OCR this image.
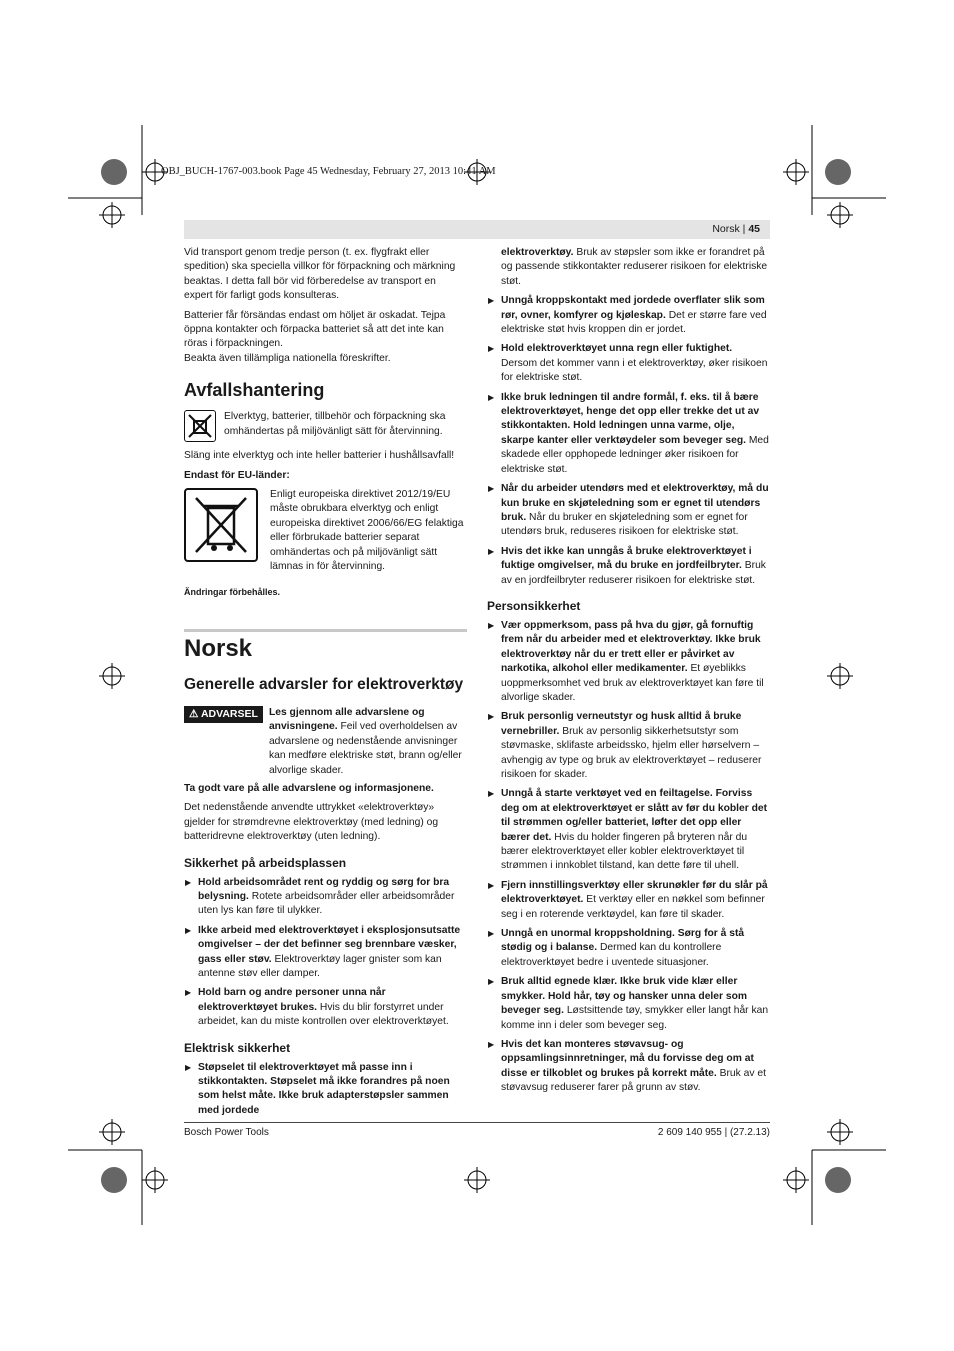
OBJ_BUCH-1767-003.book Page 45 Wednesday, February 27, 2013 10:41 AM
Norsk | 45

Vid transport genom tredje person (t. ex. flygfrakt eller spedition) ska speciella villkor för förpackning och märkning beaktas. I detta fall bör vid förberedelse av transport en expert för farligt gods konsulteras.

Batterier får försändas endast om höljet är oskadat. Tejpa öppna kontakter och förpacka batteriet så att det inte kan röras i förpackningen.

Beakta även tillämpliga nationella föreskrifter.

Avfallshantering
Elverktyg, batterier, tillbehör och förpackning ska omhändertas på miljövänligt sätt för återvinning.

Släng inte elverktyg och inte heller batterier i hushållsavfall!

Endast för EU-länder:

Enligt europeiska direktivet 2012/19/EU måste obrukbara elverktyg och enligt europeiska direktivet 2006/66/EG felaktiga eller förbrukade batterier separat omhändertas och på miljövänligt sätt lämnas in för återvinning.

Ändringar förbehålles.

Norsk
Generelle advarsler for elektroverktøy
⚠ ADVARSEL	Les gjennom alle advarslene og anvisningene. Feil ved overholdelsen av advarslene og nedenstående anvisninger kan medføre elektriske støt, brann og/eller alvorlige skader.

Ta godt vare på alle advarslene og informasjonene.

Det nedenstående anvendte uttrykket «elektroverktøy» gjelder for strømdrevne elektroverktøy (med ledning) og batteridrevne elektroverktøy (uten ledning).

Sikkerhet på arbeidsplassen
▶ Hold arbeidsområdet rent og ryddig og sørg for bra belysning. Rotete arbeidsområder eller arbeidsområder uten lys kan føre til ulykker.
▶ Ikke arbeid med elektroverktøyet i eksplosjonsutsatte omgivelser – der det befinner seg brennbare væsker, gass eller støv. Elektroverktøy lager gnister som kan antenne støv eller damper.
▶ Hold barn og andre personer unna når elektroverktøyet brukes. Hvis du blir forstyrret under arbeidet, kan du miste kontrollen over elektroverktøyet.
Elektrisk sikkerhet
▶ Støpselet til elektroverktøyet må passe inn i stikkontakten. Støpselet må ikke forandres på noen som helst måte. Ikke bruk adapterstøpsler sammen med jordede

elektroverktøy. Bruk av støpsler som ikke er forandret på og passende stikkontakter reduserer risikoen for elektriske støt.

▶ Unngå kroppskontakt med jordede overflater slik som rør, ovner, komfyrer og kjøleskap. Det er større fare ved elektriske støt hvis kroppen din er jordet.
▶ Hold elektroverktøyet unna regn eller fuktighet. Dersom det kommer vann i et elektroverktøy, øker risikoen for elektriske støt.
▶ Ikke bruk ledningen til andre formål, f. eks. til å bære elektroverktøyet, henge det opp eller trekke det ut av stikkontakten. Hold ledningen unna varme, olje, skarpe kanter eller verktøydeler som beveger seg. Med skadede eller opphopede ledninger øker risikoen for elektriske støt.
▶ Når du arbeider utendørs med et elektroverktøy, må du kun bruke en skjøteledning som er egnet til utendørs bruk. Når du bruker en skjøteledning som er egnet for utendørs bruk, reduseres risikoen for elektriske støt.
▶ Hvis det ikke kan unngås å bruke elektroverktøyet i fuktige omgivelser, må du bruke en jordfeilbryter. Bruk av en jordfeilbryter reduserer risikoen for elektriske støt.
Personsikkerhet
▶ Vær oppmerksom, pass på hva du gjør, gå fornuftig frem når du arbeider med et elektroverktøy. Ikke bruk elektroverktøy når du er trett eller er påvirket av narkotika, alkohol eller medikamenter. Et øyeblikks uoppmerksomhet ved bruk av elektroverktøyet kan føre til alvorlige skader.
▶ Bruk personlig verneutstyr og husk alltid å bruke vernebriller. Bruk av personlig sikkerhetsutstyr som støvmaske, sklifaste arbeidssko, hjelm eller hørselvern – avhengig av type og bruk av elektroverktøyet – reduserer risikoen for skader.
▶ Unngå å starte verktøyet ved en feiltagelse. Forviss deg om at elektroverktøyet er slått av før du kobler det til strømmen og/eller batteriet, løfter det opp eller bærer det. Hvis du holder fingeren på bryteren når du bærer elektroverktøyet eller kobler elektroverktøyet til strømmen i innkoblet tilstand, kan dette føre til uhell.
▶ Fjern innstillingsverktøy eller skrunøkler før du slår på elektroverktøyet. Et verktøy eller en nøkkel som befinner seg i en roterende verktøydel, kan føre til skader.
▶ Unngå en unormal kroppsholdning. Sørg for å stå stødig og i balanse. Dermed kan du kontrollere elektroverktøyet bedre i uventede situasjoner.
▶ Bruk alltid egnede klær. Ikke bruk vide klær eller smykker. Hold hår, tøy og hansker unna deler som beveger seg. Løstsittende tøy, smykker eller langt hår kan komme inn i deler som beveger seg.
▶ Hvis det kan monteres støvavsug- og oppsamlingsinnretninger, må du forvisse deg om at disse er tilkoblet og brukes på korrekt måte. Bruk av et støvavsug reduserer farer på grunn av støv.
Bosch Power Tools	2 609 140 955 | (27.2.13)
